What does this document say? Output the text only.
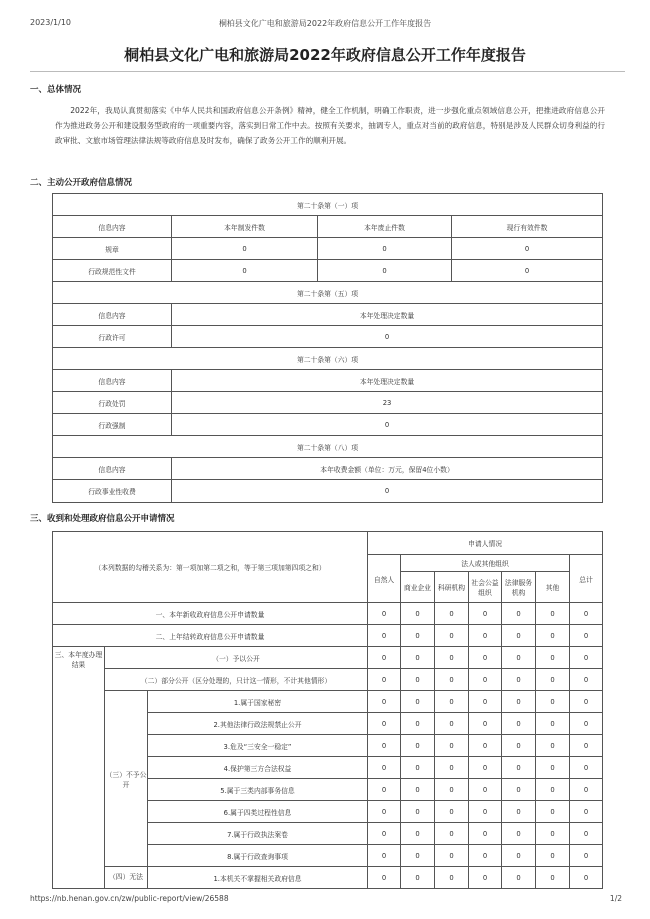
2023/1/10	桐柏县文化广电和旅游局2022年政府信息公开工作年度报告
桐柏县文化广电和旅游局2022年政府信息公开工作年度报告
一、总体情况
2022年，我局认真贯彻落实《中华人民共和国政府信息公开条例》精神，健全工作机制，明确工作职责，进一步强化重点领域信息公开，把推进政府信息公开作为推进政务公开和建设服务型政府的一项重要内容，落实到日常工作中去。按照有关要求，抽调专人，重点对当前的政府信息，特别是涉及人民群众切身利益的行政审批、文旅市场管理法律法规等政府信息及时发布，确保了政务公开工作的顺利开展。
二、主动公开政府信息情况
第二十条第（一）项			
信息内容	本年制发件数	本年废止件数	现行有效件数
规章	0	0	0
行政规范性文件	0	0	0
第二十条第（五）项			
信息内容	本年处理决定数量		
行政许可	0		
第二十条第（六）项			
信息内容	本年处理决定数量		
行政处罚	23		
行政强制	0		
第二十条第（八）项			
信息内容	本年收费金额（单位：万元，保留4位小数）		
行政事业性收费	0		
三、收到和处理政府信息公开申请情况
（本列数据的勾稽关系为：第一项加第二项之和，等于第三项加第四项之和）			申请人情况						
			自然人	法人或其他组织					总计
				商业企业	科研机构	社会公益组织	法律服务机构	其他	
一、本年新收政府信息公开申请数量			0	0	0	0	0	0	0
二、上年结转政府信息公开申请数量			0	0	0	0	0	0	0
三、本年度办理结果	（一）予以公开		0	0	0	0	0	0	0
	（二）部分公开（区分处理的，只计这一情形，不计其他情形）		0	0	0	0	0	0	0
	（三）不予公开	1.属于国家秘密	0	0	0	0	0	0	0
		2.其他法律行政法规禁止公开	0	0	0	0	0	0	0
		3.危及“三安全一稳定”	0	0	0	0	0	0	0
		4.保护第三方合法权益	0	0	0	0	0	0	0
		5.属于三类内部事务信息	0	0	0	0	0	0	0
		6.属于四类过程性信息	0	0	0	0	0	0	0
		7.属于行政执法案卷	0	0	0	0	0	0	0
		8.属于行政查询事项	0	0	0	0	0	0	0
	（四）无法	1.本机关不掌握相关政府信息	0	0	0	0	0	0	0
https://nb.henan.gov.cn/zw/public-report/view/26588	1/2
